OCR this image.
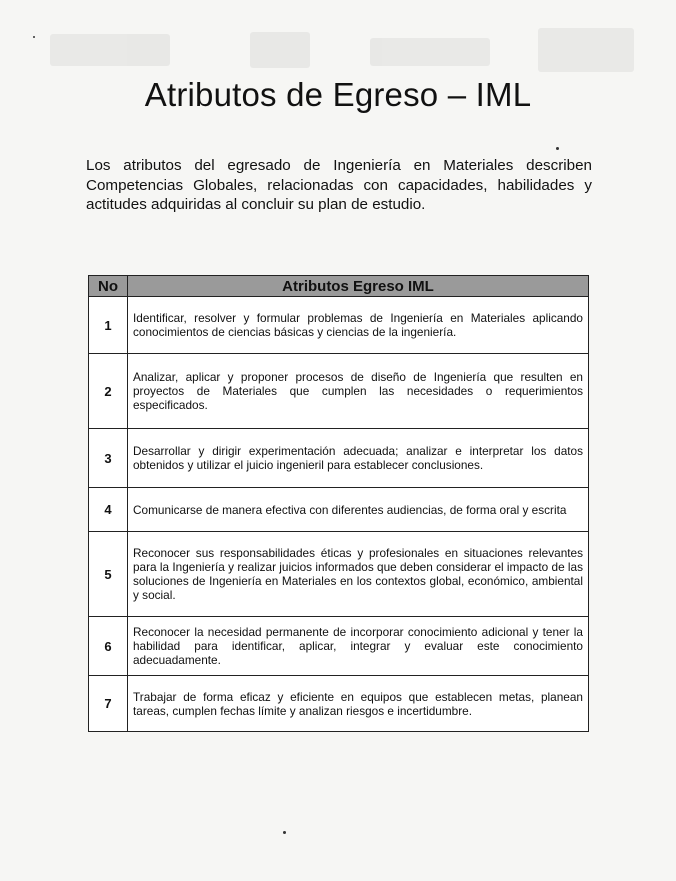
Atributos de Egreso – IML

Los atributos del egresado de Ingeniería en Materiales describen Competencias Globales, relacionadas con capacidades, habilidades y actitudes adquiridas al concluir su plan de estudio.

No	Atributos Egreso IML
1	Identificar, resolver y formular problemas de Ingeniería en Materiales aplicando conocimientos de ciencias básicas y ciencias de la ingeniería.
2	Analizar, aplicar y proponer procesos de diseño de Ingeniería que resulten en proyectos de Materiales que cumplen las necesidades o requerimientos especificados.
3	Desarrollar y dirigir experimentación adecuada; analizar e interpretar los datos obtenidos y utilizar el juicio ingenieril para establecer conclusiones.
4	Comunicarse de manera efectiva con diferentes audiencias, de forma oral y escrita
5	Reconocer sus responsabilidades éticas y profesionales en situaciones relevantes para la Ingeniería y realizar juicios informados que deben considerar el impacto de las soluciones de Ingeniería en Materiales en los contextos global, económico, ambiental y social.
6	Reconocer la necesidad permanente de incorporar conocimiento adicional y tener la habilidad para identificar, aplicar, integrar y evaluar este conocimiento adecuadamente.
7	Trabajar de forma eficaz y eficiente en equipos que establecen metas, planean tareas, cumplen fechas límite y analizan riesgos e incertidumbre.
